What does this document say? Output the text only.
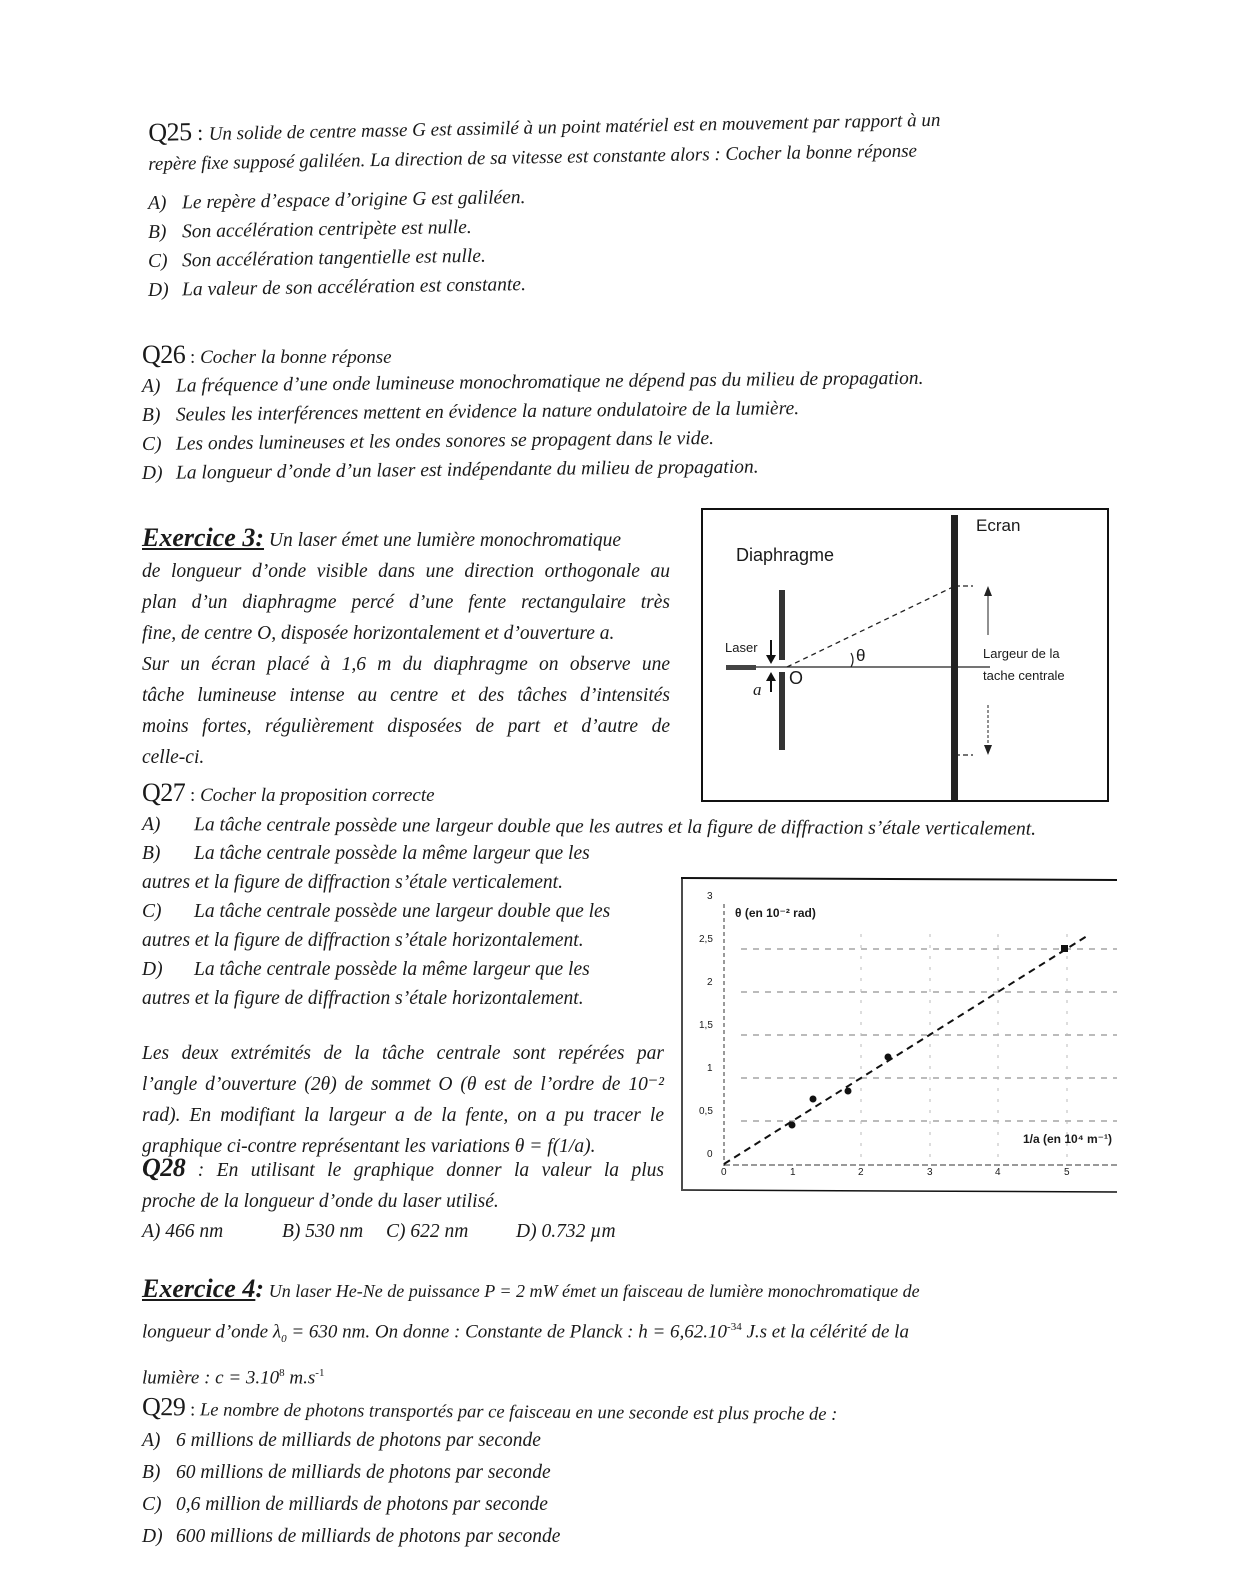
Q25 : Un solide de centre masse G est assimilé à un point matériel est en mouvement par rapport à un
repère fixe supposé galiléen. La direction de sa vitesse est constante alors : Cocher la bonne réponse
A) Le repère d’espace d’origine G est galiléen.
B) Son accélération centripète est nulle.
C) Son accélération tangentielle est nulle.
D) La valeur de son accélération est constante.
Q26 : Cocher la bonne réponse
A) La fréquence d’une onde lumineuse monochromatique ne dépend pas du milieu de propagation.
B) Seules les interférences mettent en évidence la nature ondulatoire de la lumière.
C) Les ondes lumineuses et les ondes sonores se propagent dans le vide.
D) La longueur d’onde d’un laser est indépendante du milieu de propagation.
Exercice 3: Un laser émet une lumière monochromatique
de longueur d’onde visible dans une direction orthogonale au
plan d’un diaphragme percé d’une fente rectangulaire très
fine, de centre O, disposée horizontalement et d’ouverture a.
Sur un écran placé à 1,6 m du diaphragme on observe une
tâche lumineuse intense au centre et des tâches d’intensités
moins fortes, régulièrement disposées de part et d’autre de
celle-ci.
Ecran
Diaphragme
Laser
a
O
θ	Largeur de la
tache centrale
Q27 : Cocher la proposition correcte
A) La tâche centrale possède une largeur double que les autres et la figure de diffraction s’étale verticalement.
B) La tâche centrale possède la même largeur que les
autres et la figure de diffraction s’étale verticalement.
C) La tâche centrale possède une largeur double que les
autres et la figure de diffraction s’étale horizontalement.
D) La tâche centrale possède la même largeur que les
autres et la figure de diffraction s’étale horizontalement.
3
2,5
2
1,5
1
0,5
0
0	1	2	3	4	5
θ (en 10⁻² rad)
1/a (en 10⁴ m⁻¹)
Les deux extrémités de la tâche centrale sont repérées par
l’angle d’ouverture (2θ) de sommet O (θ est de l’ordre de 10⁻²
rad). En modifiant la largeur a de la fente, on a pu tracer le
graphique ci-contre représentant les variations θ = f(1/a).
Q28 : En utilisant le graphique donner la valeur la plus
proche de la longueur d’onde du laser utilisé.
A) 466 nm	B) 530 nm C) 622 nm D) 0.732 µm
Exercice 4: Un laser He-Ne de puissance P = 2 mW émet un faisceau de lumière monochromatique de
longueur d’onde $\lambda_0 = 630$ nm. On donne : Constante de Planck : $h = 6,62.10^{-34}$ J.s et la célérité de la
lumière : $c = 3.10^8$ $m.s^{-1}$
Q29 : Le nombre de photons transportés par ce faisceau en une seconde est plus proche de :
A) 6 millions de milliards de photons par seconde
B) 60 millions de milliards de photons par seconde
C) 0,6 million de milliards de photons par seconde
D) 600 millions de milliards de photons par seconde
